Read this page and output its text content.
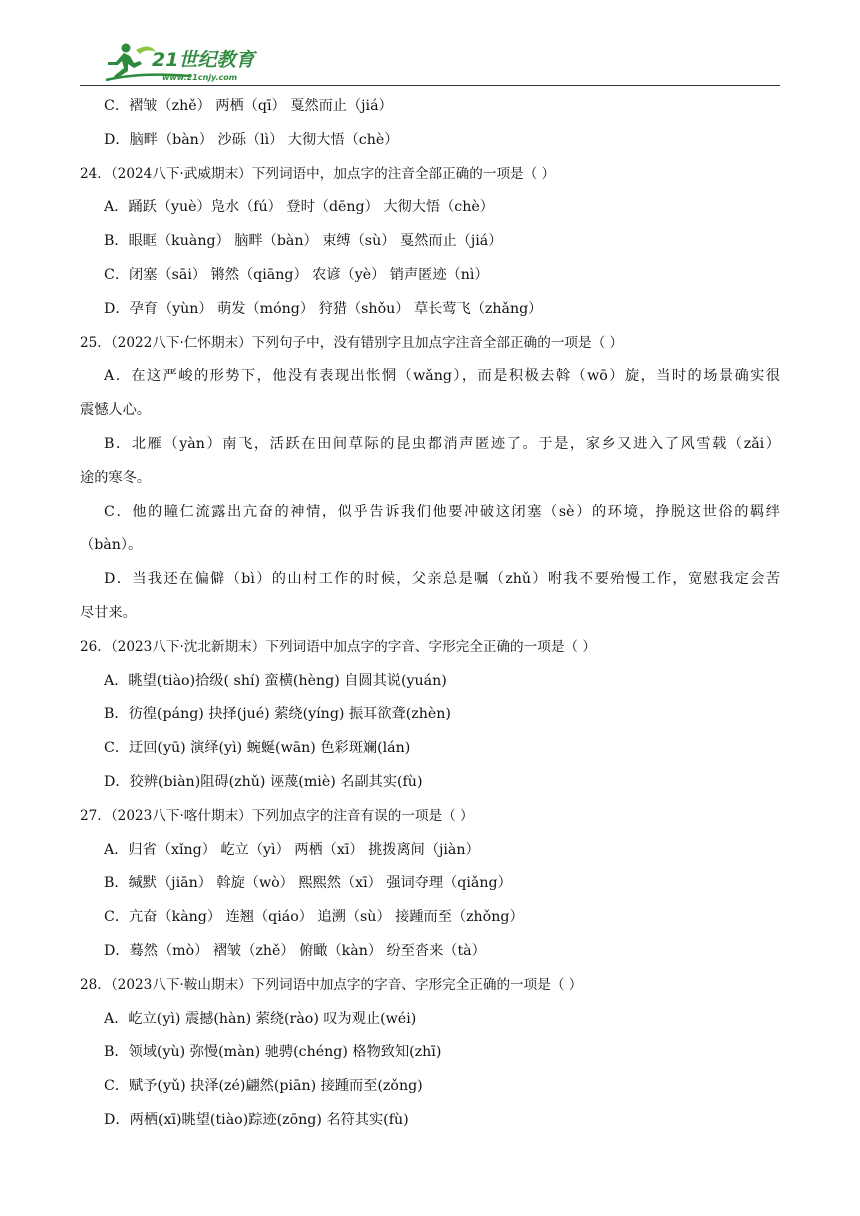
21世纪教育
www.21cnjy.com
C．褶皱（zhě） 两栖（qī） 戛然而止（jiá）
D．脑畔（bàn） 沙砾（lì） 大彻大悟（chè）
24．（2024八下·武威期末）下列词语中，加点字的注音全部正确的一项是（ ）
A．踊跃（yuè）凫水（fú） 登时（dēng） 大彻大悟（chè）
B．眼眶（kuàng） 脑畔（bàn） 束缚（sù） 戛然而止（jiá）
C．闭塞（sāi） 锵然（qiāng） 农谚（yè） 销声匿迹（nì）
D．孕育（yùn） 萌发（móng） 狩猎（shǒu） 草长莺飞（zhǎng）
25．（2022八下·仁怀期末）下列句子中，没有错别字且加点字注音全部正确的一项是（ ）
A．在这严峻的形势下，他没有表现出怅惘（wǎng），而是积极去斡（wō）旋，当时的场景确实很
震憾人心。
B．北雁（yàn）南飞，活跃在田间草际的昆虫都消声匿迹了。于是，家乡又进入了风雪载（zǎi）
途的寒冬。
C．他的瞳仁流露出亢奋的神情，似乎告诉我们他要冲破这闭塞（sè）的环境，挣脱这世俗的羁绊
（bàn）。
D．当我还在偏僻（bì）的山村工作的时候，父亲总是嘱（zhǔ）咐我不要殆慢工作，宽慰我定会苦
尽甘来。
26．（2023八下·沈北新期末）下列词语中加点字的字音、字形完全正确的一项是（ ）
A．眺望(tiào)拾级( shí) 蛮横(hèng) 自圆其说(yuán)
B．彷徨(páng) 抉择(jué) 萦绕(yíng) 振耳欲聋(zhèn)
C．迂回(yū) 演绎(yì) 蜿蜒(wān) 色彩斑斓(lán)
D．狡辨(biàn)阻碍(zhǔ) 诬蔑(miè) 名副其实(fù)
27．（2023八下·喀什期末）下列加点字的注音有误的一项是（ ）
A．归省（xǐng） 屹立（yì） 两栖（xī） 挑拨离间（jiàn）
B．缄默（jiān） 斡旋（wò） 熙熙然（xī） 强词夺理（qiǎng）
C．亢奋（kàng） 连翘（qiáo） 追溯（sù） 接踵而至（zhǒng）
D．蓦然（mò） 褶皱（zhě） 俯瞰（kàn） 纷至沓来（tà）
28．（2023八下·鞍山期末）下列词语中加点字的字音、字形完全正确的一项是（ ）
A．屹立(yì) 震撼(hàn) 萦绕(rào) 叹为观止(wéi)
B．领域(yù) 弥慢(màn) 驰骋(chéng) 格物致知(zhī)
C．赋予(yǔ) 抉泽(zé)翩然(piān) 接踵而至(zǒng)
D．两栖(xī)眺望(tiào)踪迹(zōng) 名符其实(fù)
